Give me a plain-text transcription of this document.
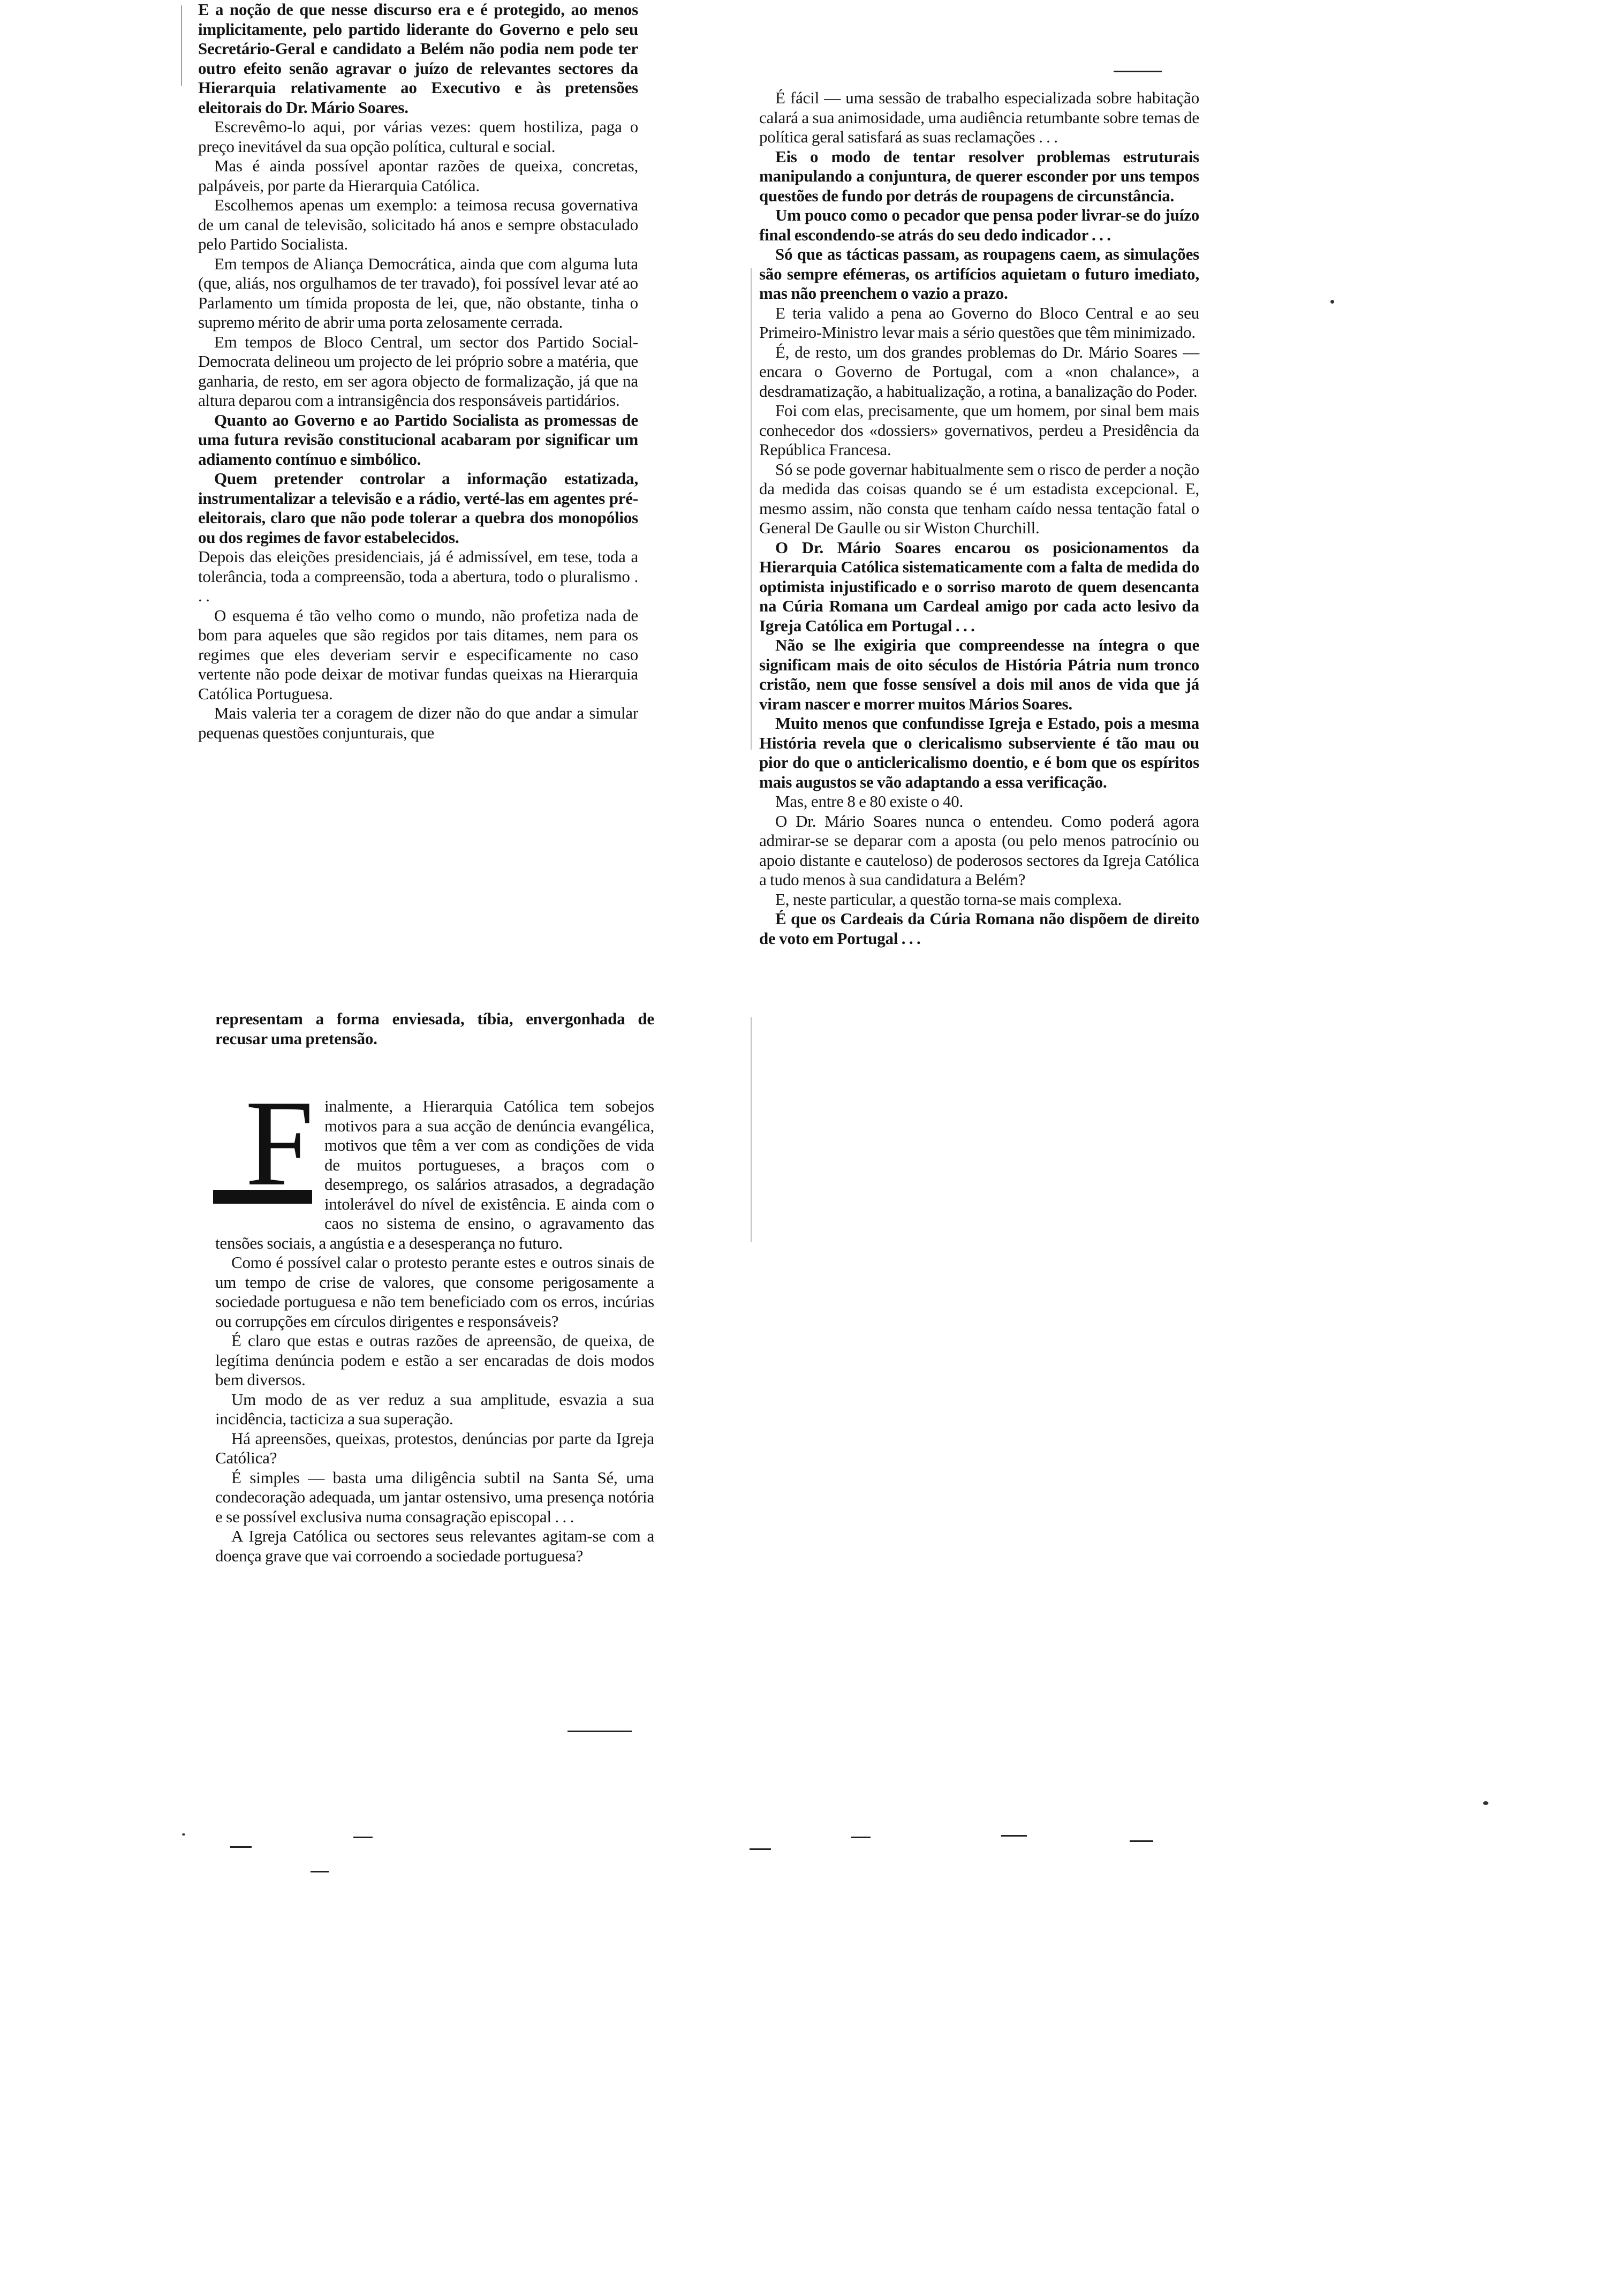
E a noção de que nesse discurso era e é protegido, ao menos implicitamente, pelo partido liderante do Governo e pelo seu Secretário-Geral e candidato a Belém não podia nem pode ter outro efeito senão agravar o juízo de relevantes sectores da Hierarquia relativamente ao Executivo e às pretensões eleitorais do Dr. Mário Soares.

Escrevêmo-lo aqui, por várias vezes: quem hostiliza, paga o preço inevitável da sua opção política, cultural e social.

Mas é ainda possível apontar razões de queixa, concretas, palpáveis, por parte da Hierarquia Católica.

Escolhemos apenas um exemplo: a teimosa recusa governativa de um canal de televisão, solicitado há anos e sempre obstaculado pelo Partido Socialista.

Em tempos de Aliança Democrática, ainda que com alguma luta (que, aliás, nos orgulhamos de ter travado), foi possível levar até ao Parlamento um tímida proposta de lei, que, não obstante, tinha o supremo mérito de abrir uma porta zelosamente cerrada.

Em tempos de Bloco Central, um sector dos Partido Social-Democrata delineou um projecto de lei próprio sobre a matéria, que ganharia, de resto, em ser agora objecto de formalização, já que na altura deparou com a intransigência dos responsáveis partidários.

Quanto ao Governo e ao Partido Socialista as promessas de uma futura revisão constitucional acabaram por significar um adiamento contínuo e simbólico.

Quem pretender controlar a informação estatizada, instrumentalizar a televisão e a rádio, verté-las em agentes pré-eleitorais, claro que não pode tolerar a quebra dos monopólios ou dos regimes de favor estabelecidos.

Depois das eleições presidenciais, já é admissível, em tese, toda a tolerância, toda a compreensão, toda a abertura, todo o pluralismo . . .

O esquema é tão velho como o mundo, não profetiza nada de bom para aqueles que são regidos por tais ditames, nem para os regimes que eles deveriam servir e especificamente no caso vertente não pode deixar de motivar fundas queixas na Hierarquia Católica Portuguesa.

Mais valeria ter a coragem de dizer não do que andar a simular pequenas questões conjunturais, que

representam a forma enviesada, tíbia, envergonhada de recusar uma pretensão.

F inalmente, a Hierarquia Católica tem sobejos motivos para a sua acção de denúncia evangélica, motivos que têm a ver com as condições de vida de muitos portugueses, a braços com o desemprego, os salários atrasados, a degradação intolerável do nível de existência. E ainda com o caos no sistema de ensino, o agravamento das tensões sociais, a angústia e a desesperança no futuro.

Como é possível calar o protesto perante estes e outros sinais de um tempo de crise de valores, que consome perigosamente a sociedade portuguesa e não tem beneficiado com os erros, incúrias ou corrupções em círculos dirigentes e responsáveis?

É claro que estas e outras razões de apreensão, de queixa, de legítima denúncia podem e estão a ser encaradas de dois modos bem diversos.

Um modo de as ver reduz a sua amplitude, esvazia a sua incidência, tacticiza a sua superação.

Há apreensões, queixas, protestos, denúncias por parte da Igreja Católica?

É simples — basta uma diligência subtil na Santa Sé, uma condecoração adequada, um jantar ostensivo, uma presença notória e se possível exclusiva numa consagração episcopal . . .

A Igreja Católica ou sectores seus relevantes agitam-se com a doença grave que vai corroendo a sociedade portuguesa?

É fácil — uma sessão de trabalho especializada sobre habitação calará a sua animosidade, uma audiência retumbante sobre temas de política geral satisfará as suas reclamações . . .

Eis o modo de tentar resolver problemas estruturais manipulando a conjuntura, de querer esconder por uns tempos questões de fundo por detrás de roupagens de circunstância.

Um pouco como o pecador que pensa poder livrar-se do juízo final escondendo-se atrás do seu dedo indicador . . .

Só que as tácticas passam, as roupagens caem, as simulações são sempre efémeras, os artifícios aquietam o futuro imediato, mas não preenchem o vazio a prazo.

E teria valido a pena ao Governo do Bloco Central e ao seu Primeiro-Ministro levar mais a sério questões que têm minimizado.

É, de resto, um dos grandes problemas do Dr. Mário Soares — encara o Governo de Portugal, com a «non chalance», a desdramatização, a habitualização, a rotina, a banalização do Poder.

Foi com elas, precisamente, que um homem, por sinal bem mais conhecedor dos «dossiers» governativos, perdeu a Presidência da República Francesa.

Só se pode governar habitualmente sem o risco de perder a noção da medida das coisas quando se é um estadista excepcional. E, mesmo assim, não consta que tenham caído nessa tentação fatal o General De Gaulle ou sir Wiston Churchill.

O Dr. Mário Soares encarou os posicionamentos da Hierarquia Católica sistematicamente com a falta de medida do optimista injustificado e o sorriso maroto de quem desencanta na Cúria Romana um Cardeal amigo por cada acto lesivo da Igreja Católica em Portugal . . .

Não se lhe exigiria que compreendesse na íntegra o que significam mais de oito séculos de História Pátria num tronco cristão, nem que fosse sensível a dois mil anos de vida que já viram nascer e morrer muitos Mários Soares.

Muito menos que confundisse Igreja e Estado, pois a mesma História revela que o clericalismo subserviente é tão mau ou pior do que o anticlericalismo doentio, e é bom que os espíritos mais augustos se vão adaptando a essa verificação.

Mas, entre 8 e 80 existe o 40.

O Dr. Mário Soares nunca o entendeu. Como poderá agora admirar-se se deparar com a aposta (ou pelo menos patrocínio ou apoio distante e cauteloso) de poderosos sectores da Igreja Católica a tudo menos à sua candidatura a Belém?

E, neste particular, a questão torna-se mais complexa.

É que os Cardeais da Cúria Romana não dispõem de direito de voto em Portugal . . .
